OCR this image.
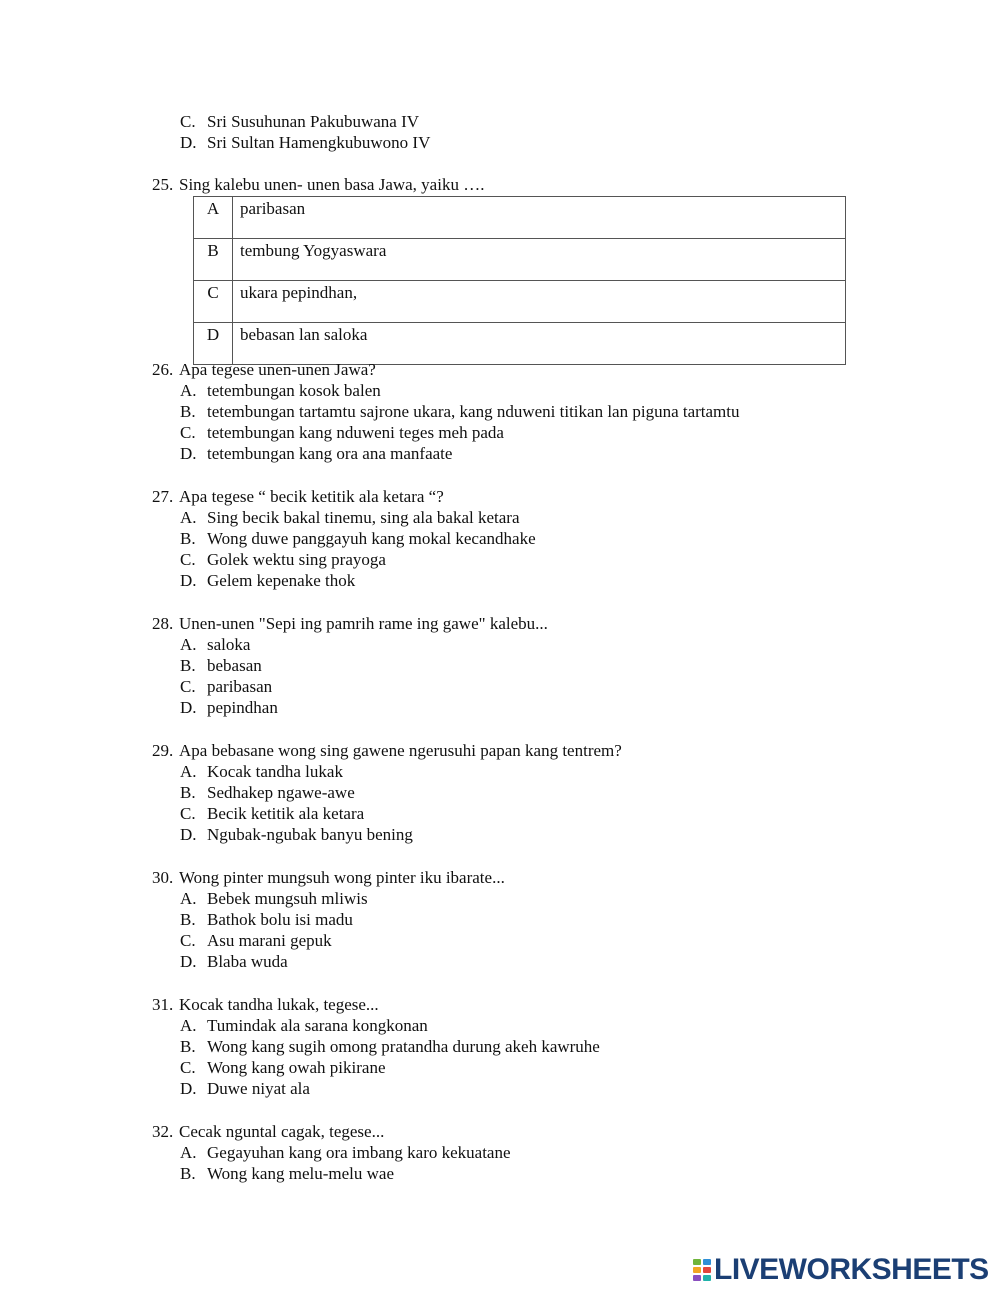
C. Sri Susuhunan Pakubuwana IV
D. Sri Sultan Hamengkubuwono IV
25. Sing kalebu unen- unen basa Jawa, yaiku ….
A	paribasan
B	tembung Yogyaswara
C	ukara pepindhan,
D	bebasan lan saloka
26. Apa tegese unen-unen Jawa?
A. tetembungan kosok balen
B. tetembungan tartamtu sajrone ukara, kang nduweni titikan lan piguna tartamtu
C. tetembungan kang nduweni teges meh pada
D. tetembungan kang ora ana manfaate
27. Apa tegese “ becik ketitik ala ketara “?
A. Sing becik bakal tinemu, sing ala bakal ketara
B. Wong duwe panggayuh kang mokal kecandhake
C. Golek wektu sing prayoga
D. Gelem kepenake thok
28. Unen-unen "Sepi ing pamrih rame ing gawe" kalebu...
A. saloka
B. bebasan
C. paribasan
D. pepindhan
29. Apa bebasane wong sing gawene ngerusuhi papan kang tentrem?
A. Kocak tandha lukak
B. Sedhakep ngawe-awe
C. Becik ketitik ala ketara
D. Ngubak-ngubak banyu bening
30. Wong pinter mungsuh wong pinter iku ibarate...
A. Bebek mungsuh mliwis
B. Bathok bolu isi madu
C. Asu marani gepuk
D. Blaba wuda
31. Kocak tandha lukak, tegese...
A. Tumindak ala sarana kongkonan
B. Wong kang sugih omong pratandha durung akeh kawruhe
C. Wong kang owah pikirane
D. Duwe niyat ala
32. Cecak nguntal cagak, tegese...
A. Gegayuhan kang ora imbang karo kekuatane
B. Wong kang melu-melu wae
LIVEWORKSHEETS
